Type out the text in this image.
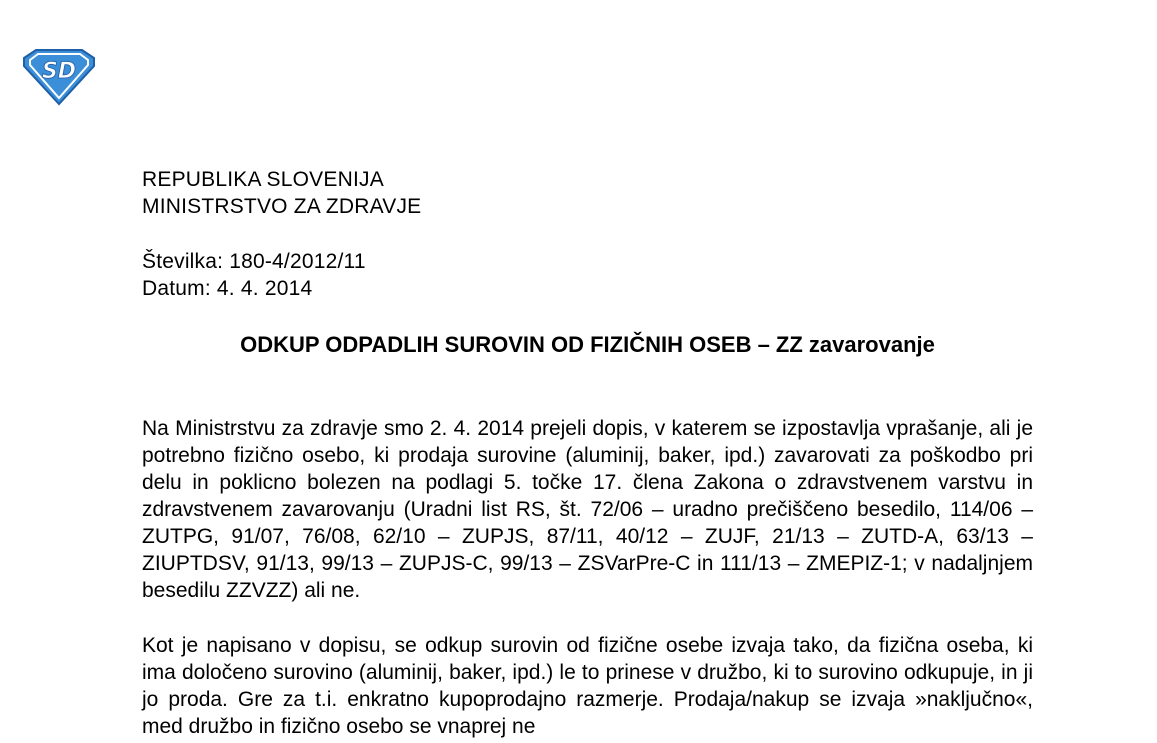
SD
REPUBLIKA SLOVENIJA
MINISTRSTVO ZA ZDRAVJE
Številka: 180-4/2012/11
Datum: 4. 4. 2014
ODKUP ODPADLIH SUROVIN OD FIZIČNIH OSEB – ZZ zavarovanje

Na Ministrstvu za zdravje smo 2. 4. 2014 prejeli dopis, v katerem se izpostavlja vprašanje, ali je potrebno fizično osebo, ki prodaja surovine (aluminij, baker, ipd.) zavarovati za poškodbo pri delu in poklicno bolezen na podlagi 5. točke 17. člena Zakona o zdravstvenem varstvu in zdravstvenem zavarovanju (Uradni list RS, št. 72/06 – uradno prečiščeno besedilo, 114/06 – ZUTPG, 91/07, 76/08, 62/10 – ZUPJS, 87/11, 40/12 – ZUJF, 21/13 – ZUTD-A, 63/13 – ZIUPTDSV, 91/13, 99/13 – ZUPJS-C, 99/13 – ZSVarPre-C in 111/13 – ZMEPIZ-1; v nadaljnjem besedilu ZZVZZ) ali ne.

Kot je napisano v dopisu, se odkup surovin od fizične osebe izvaja tako, da fizična oseba, ki ima določeno surovino (aluminij, baker, ipd.) le to prinese v družbo, ki to surovino odkupuje, in ji jo proda. Gre za t.i. enkratno kupoprodajno razmerje. Prodaja/nakup se izvaja »naključno«, med družbo in fizično osebo se vnaprej ne
